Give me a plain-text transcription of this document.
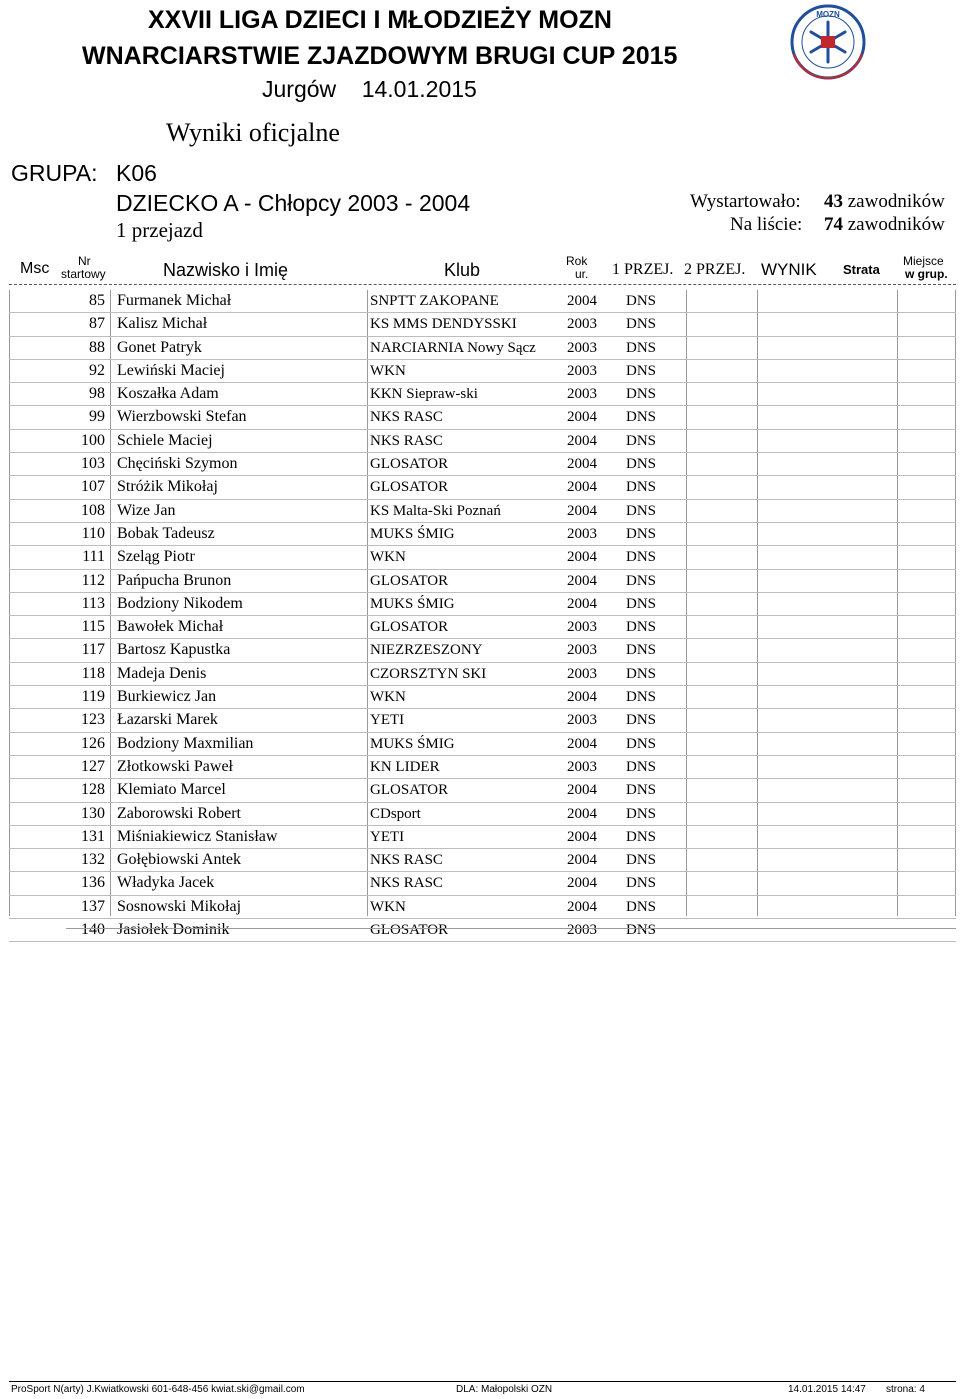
XXVII LIGA DZIECI I MŁODZIEŻY MOZN
WNARCIARSTWIE ZJAZDOWYM BRUGI CUP 2015
Jurgów    14.01.2015
Wyniki oficjalne
GRUPA: K06
DZIECKO A - Chłopcy 2003 - 2004
1 przejazd
Wystartowało:
Na liście:
43 zawodników
74 zawodników
MOZN
Msc Nr
startowy	Nazwisko i Imię	Klub	Rok
ur. 1 PRZEJ. 2 PRZEJ. WYNIK Strata
Miejsce
w grup.
85 Furmanek Michał	SNPTT ZAKOPANE	2004 DNS
87 Kalisz Michał	KS MMS DENDYSSKI	2003 DNS
88 Gonet Patryk	NARCIARNIA Nowy Sącz 2003 DNS
92 Lewiński Maciej	WKN	2003 DNS
98 Koszałka Adam	KKN Siepraw-ski	2003 DNS
99 Wierzbowski Stefan	NKS RASC	2004 DNS
100 Schiele Maciej	NKS RASC	2004 DNS
103 Chęciński Szymon	GLOSATOR	2004 DNS
107 Stróżik Mikołaj	GLOSATOR	2004 DNS
108 Wize Jan	KS Malta-Ski Poznań	2004 DNS
110 Bobak Tadeusz	MUKS ŚMIG	2003 DNS
111 Szeląg Piotr	WKN	2004 DNS
112 Pańpucha Brunon	GLOSATOR	2004 DNS
113 Bodziony Nikodem	MUKS ŚMIG	2004 DNS
115 Bawołek Michał	GLOSATOR	2003 DNS
117 Bartosz Kapustka	NIEZRZESZONY	2003 DNS
118 Madeja Denis	CZORSZTYN SKI	2003 DNS
119 Burkiewicz Jan	WKN	2004 DNS
123 Łazarski Marek	YETI	2003 DNS
126 Bodziony Maxmilian	MUKS ŚMIG	2004 DNS
127 Złotkowski Paweł	KN LIDER	2003 DNS
128 Klemiato Marcel	GLOSATOR	2004 DNS
130 Zaborowski Robert	CDsport	2004 DNS
131 Miśniakiewicz Stanisław	YETI	2004 DNS
132 Gołębiowski Antek	NKS RASC	2004 DNS
136 Władyka Jacek	NKS RASC	2004 DNS
137 Sosnowski Mikołaj	WKN	2004 DNS
140 Jasiołek Dominik	GLOSATOR	2003 DNS
ProSport N(arty) J.Kwiatkowski 601-648-456 kwiat.ski@gmail.com	DLA: Małopolski OZN	14.01.2015 14:47 strona: 4
